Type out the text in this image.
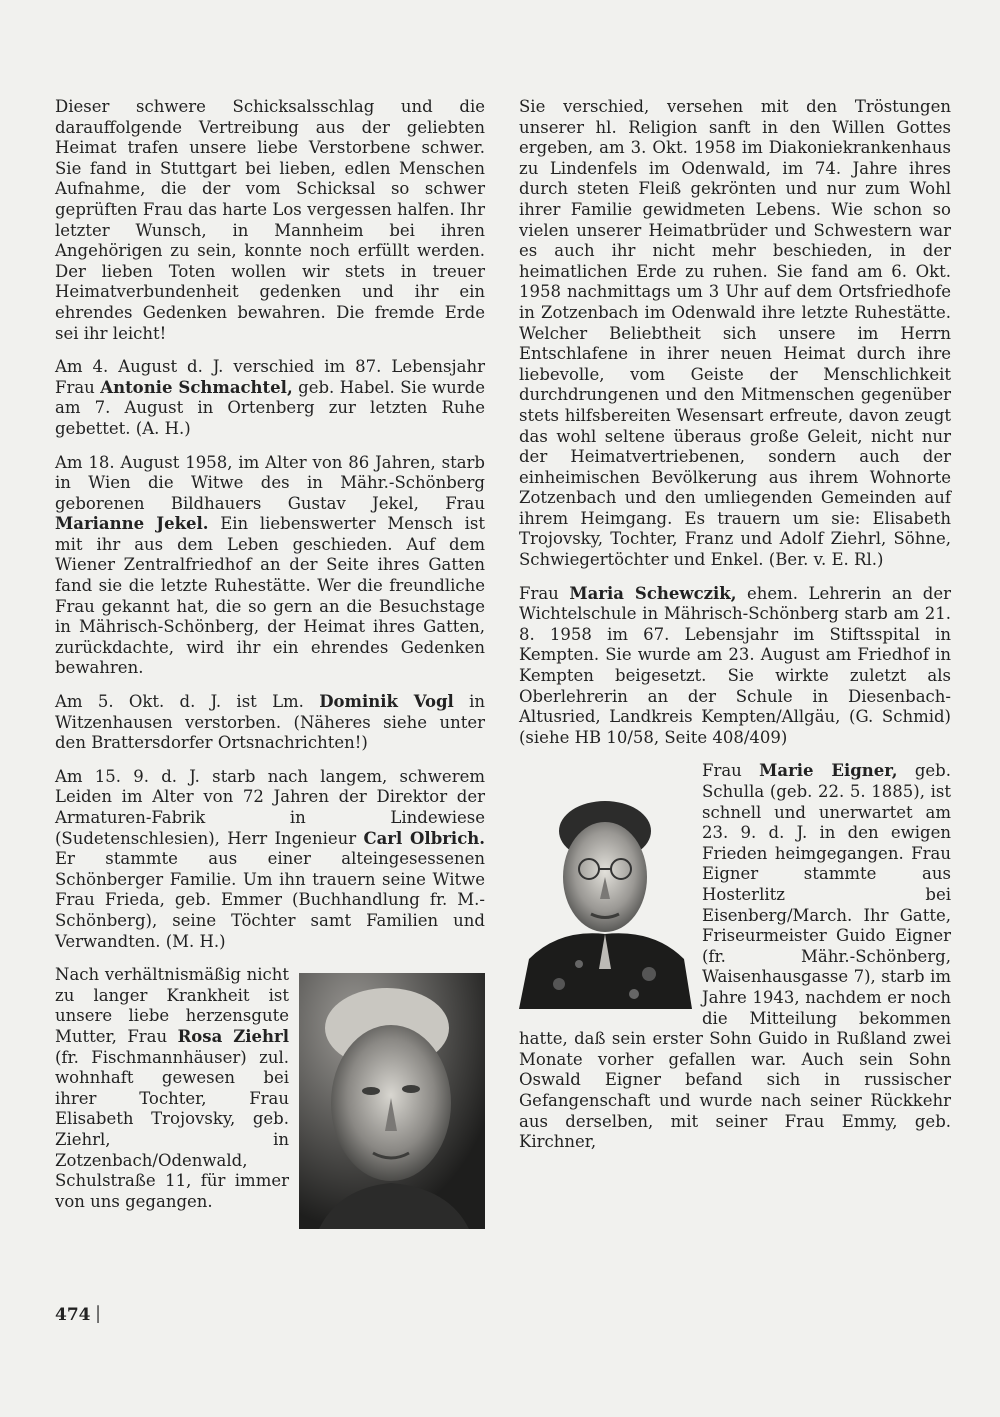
Dieser schwere Schicksalsschlag und die darauffolgende Vertreibung aus der geliebten Heimat trafen unsere liebe Verstorbene schwer. Sie fand in Stuttgart bei lieben, edlen Menschen Aufnahme, die der vom Schicksal so schwer geprüften Frau das harte Los vergessen halfen. Ihr letzter Wunsch, in Mannheim bei ihren Angehörigen zu sein, konnte noch erfüllt werden. Der lieben Toten wollen wir stets in treuer Heimatverbundenheit gedenken und ihr ein ehrendes Gedenken bewahren. Die fremde Erde sei ihr leicht!

Am 4. August d. J. verschied im 87. Lebensjahr Frau Antonie Schmachtel, geb. Habel. Sie wurde am 7. August in Ortenberg zur letzten Ruhe gebettet. (A. H.)

Am 18. August 1958, im Alter von 86 Jahren, starb in Wien die Witwe des in Mähr.-Schönberg geborenen Bildhauers Gustav Jekel, Frau Marianne Jekel. Ein liebenswerter Mensch ist mit ihr aus dem Leben geschieden. Auf dem Wiener Zentralfriedhof an der Seite ihres Gatten fand sie die letzte Ruhestätte. Wer die freundliche Frau gekannt hat, die so gern an die Besuchstage in Mährisch-Schönberg, der Heimat ihres Gatten, zurückdachte, wird ihr ein ehrendes Gedenken bewahren.

Am 5. Okt. d. J. ist Lm. Dominik Vogl in Witzenhausen verstorben. (Näheres siehe unter den Brattersdorfer Ortsnachrichten!)

Am 15. 9. d. J. starb nach langem, schwerem Leiden im Alter von 72 Jahren der Direktor der Armaturen-Fabrik in Lindewiese (Sudetenschlesien), Herr Ingenieur Carl Olbrich. Er stammte aus einer alteingesessenen Schönberger Familie. Um ihn trauern seine Witwe Frau Frieda, geb. Emmer (Buchhandlung fr. M.-Schönberg), seine Töchter samt Familien und Verwandten. (M. H.)

Nach verhältnismäßig nicht zu langer Krankheit ist unsere liebe herzensgute Mutter, Frau Rosa Ziehrl (fr. Fischmannhäuser) zul. wohnhaft gewesen bei ihrer Tochter, Frau Elisabeth Trojovsky, geb. Ziehrl, in Zotzenbach/Odenwald, Schulstraße 11, für immer von uns gegangen.

Sie verschied, versehen mit den Tröstungen unserer hl. Religion sanft in den Willen Gottes ergeben, am 3. Okt. 1958 im Diakoniekrankenhaus zu Lindenfels im Odenwald, im 74. Jahre ihres durch steten Fleiß gekrönten und nur zum Wohl ihrer Familie gewidmeten Lebens. Wie schon so vielen unserer Heimatbrüder und Schwestern war es auch ihr nicht mehr beschieden, in der heimatlichen Erde zu ruhen. Sie fand am 6. Okt. 1958 nachmittags um 3 Uhr auf dem Ortsfriedhofe in Zotzenbach im Odenwald ihre letzte Ruhestätte. Welcher Beliebtheit sich unsere im Herrn Entschlafene in ihrer neuen Heimat durch ihre liebevolle, vom Geiste der Menschlichkeit durchdrungenen und den Mitmenschen gegenüber stets hilfsbereiten Wesensart erfreute, davon zeugt das wohl seltene überaus große Geleit, nicht nur der Heimatvertriebenen, sondern auch der einheimischen Bevölkerung aus ihrem Wohnorte Zotzenbach und den umliegenden Gemeinden auf ihrem Heimgang. Es trauern um sie: Elisabeth Trojovsky, Tochter, Franz und Adolf Ziehrl, Söhne, Schwiegertöchter und Enkel. (Ber. v. E. Rl.)

Frau Maria Schewczik, ehem. Lehrerin an der Wichtelschule in Mährisch-Schönberg starb am 21. 8. 1958 im 67. Lebensjahr im Stiftsspital in Kempten. Sie wurde am 23. August am Friedhof in Kempten beigesetzt. Sie wirkte zuletzt als Oberlehrerin an der Schule in Diesenbach-Altusried, Landkreis Kempten/Allgäu, (G. Schmid) (siehe HB 10/58, Seite 408/409)

Frau Marie Eigner, geb. Schulla (geb. 22. 5. 1885), ist schnell und unerwartet am 23. 9. d. J. in den ewigen Frieden heimgegangen. Frau Eigner stammte aus Hosterlitz bei Eisenberg/March. Ihr Gatte, Friseurmeister Guido Eigner (fr. Mähr.-Schönberg, Waisenhausgasse 7), starb im Jahre 1943, nachdem er noch die Mitteilung bekommen hatte, daß sein erster Sohn Guido in Rußland zwei Monate vorher gefallen war. Auch sein Sohn Oswald Eigner befand sich in russischer Gefangenschaft und wurde nach seiner Rückkehr aus derselben, mit seiner Frau Emmy, geb. Kirchner,

474 |
